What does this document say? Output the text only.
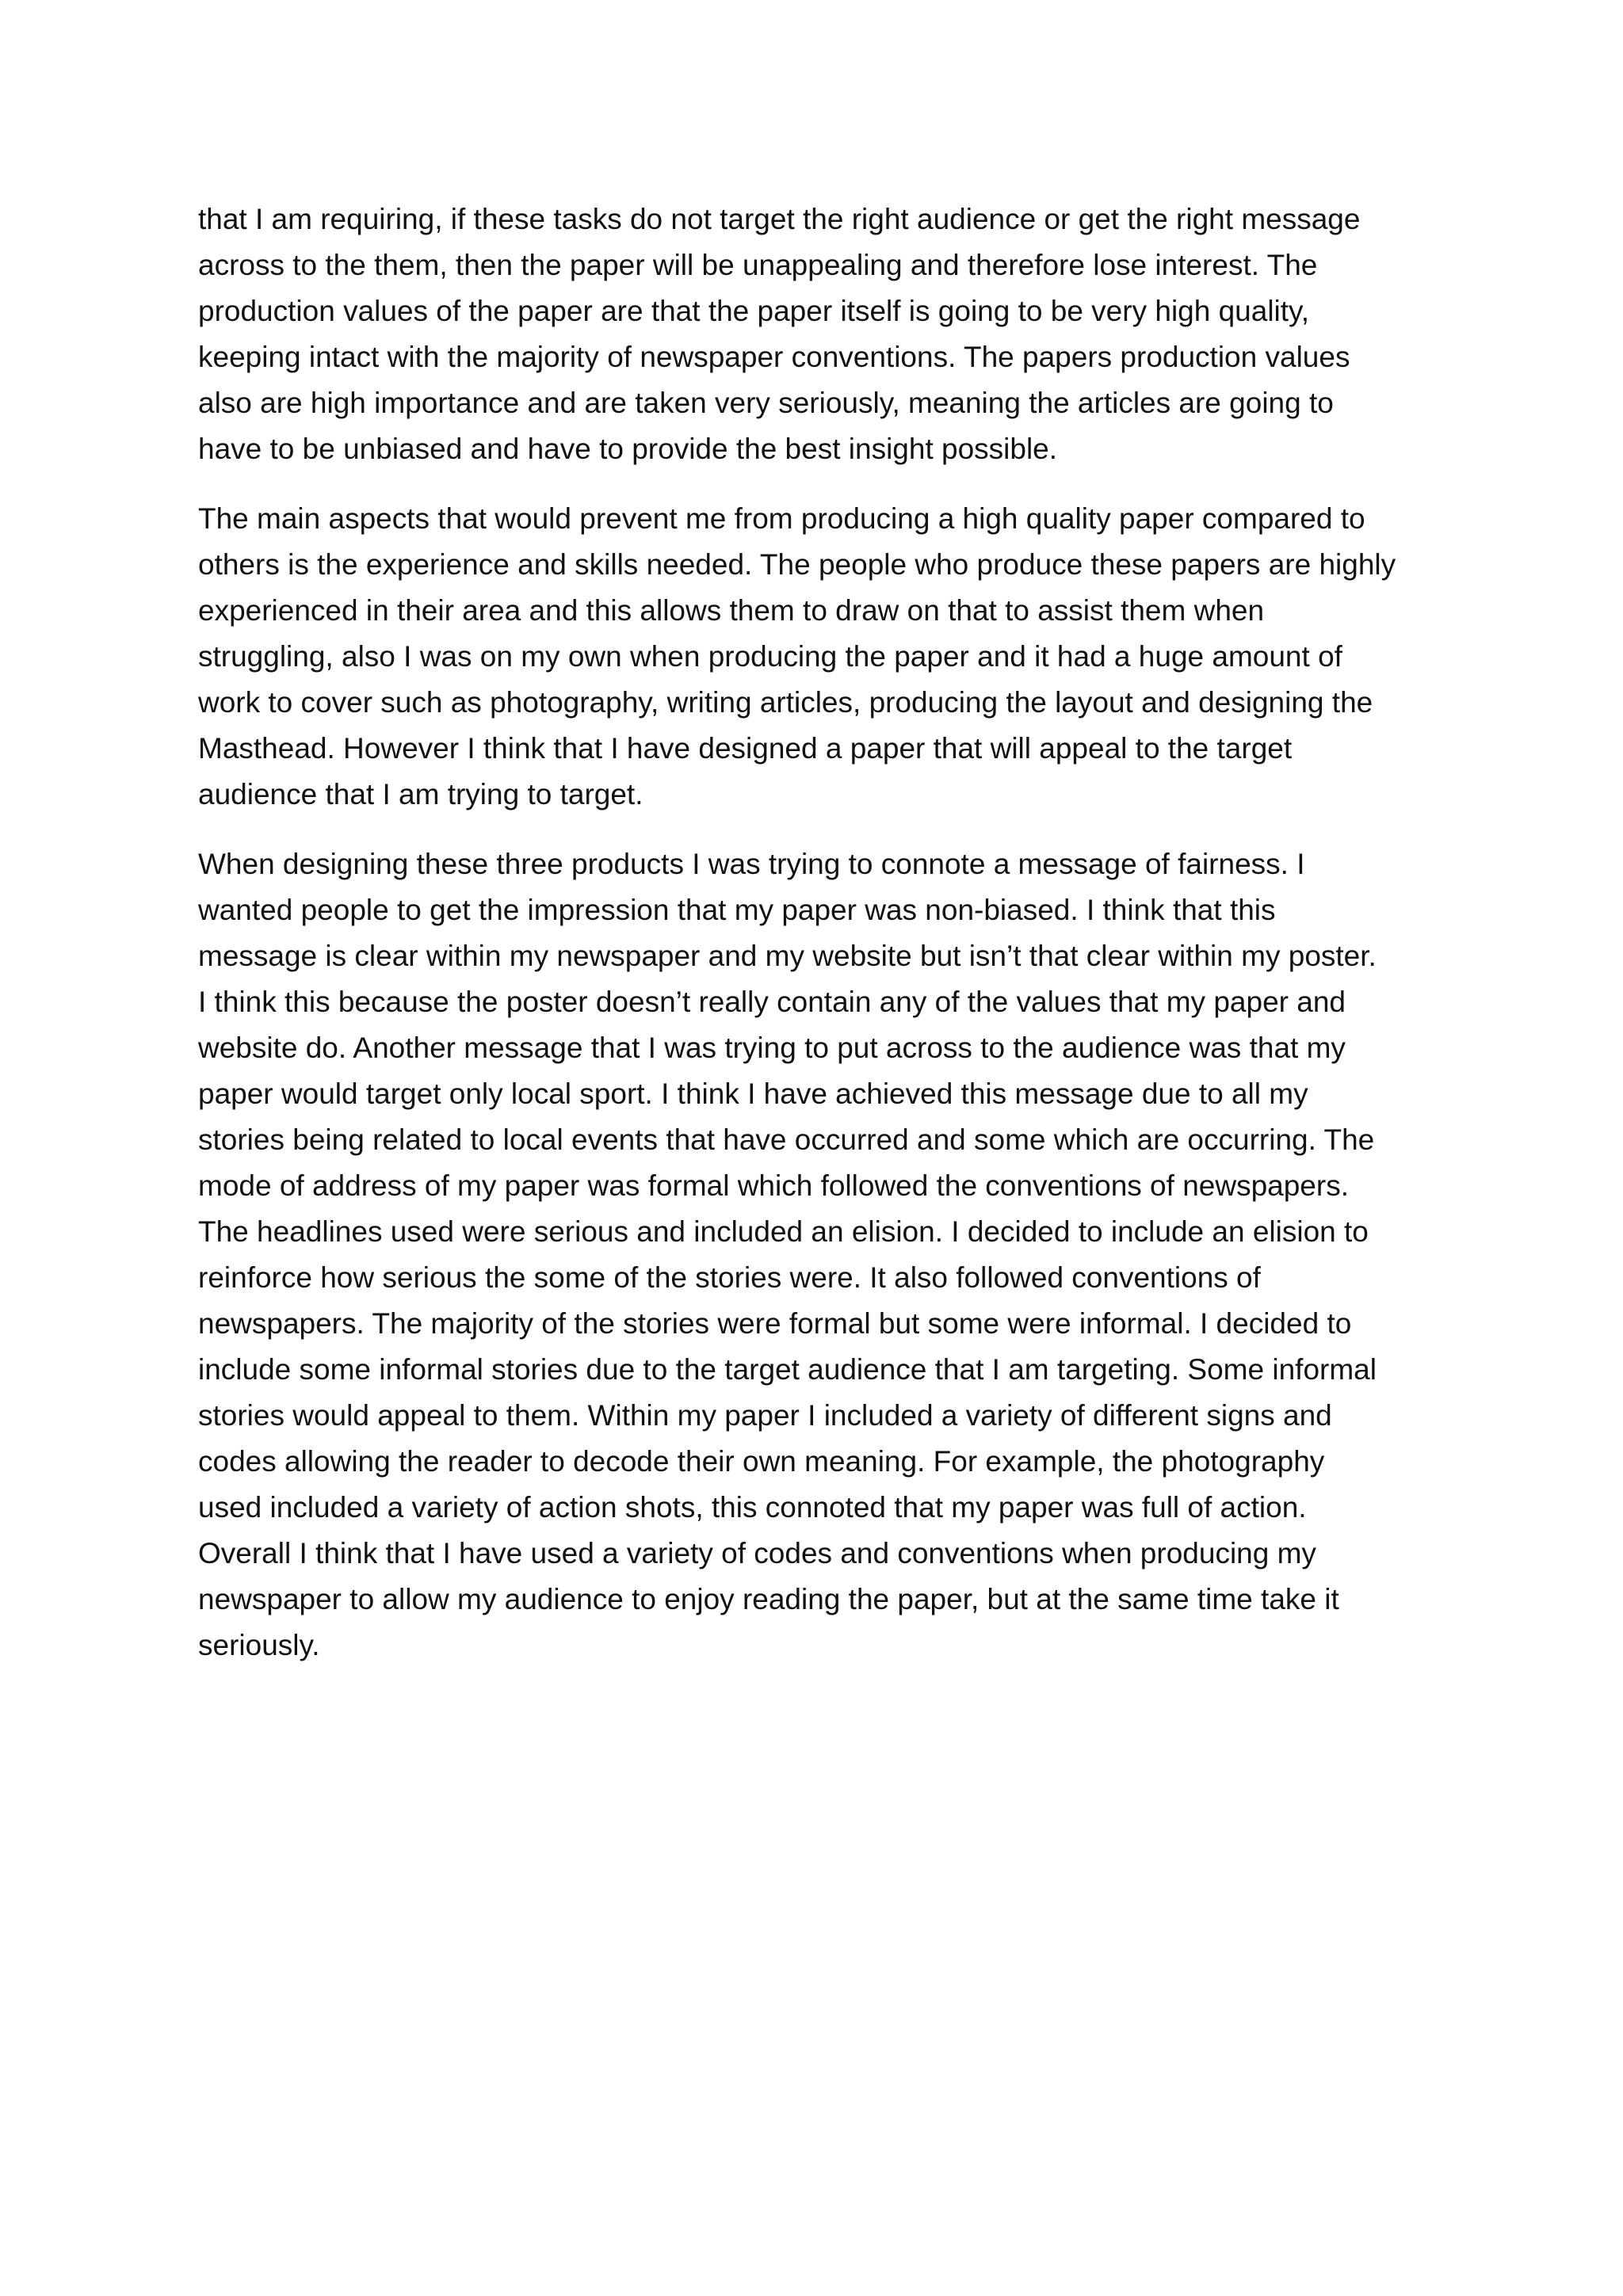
that I am requiring, if these tasks do not target the right audience or get the right message
across to the them, then the paper will be unappealing and therefore lose interest. The
production values of the paper are that the paper itself is going to be very high quality,
keeping intact with the majority of newspaper conventions. The papers production values
also are high importance and are taken very seriously, meaning the articles are going to
have to be unbiased and have to provide the best insight possible.

The main aspects that would prevent me from producing a high quality paper compared to
others is the experience and skills needed. The people who produce these papers are highly
experienced in their area and this allows them to draw on that to assist them when
struggling, also I was on my own when producing the paper and it had a huge amount of
work to cover such as photography, writing articles, producing the layout and designing the
Masthead. However I think that I have designed a paper that will appeal to the target
audience that I am trying to target.

When designing these three products I was trying to connote a message of fairness. I
wanted people to get the impression that my paper was non-biased. I think that this
message is clear within my newspaper and my website but isn’t that clear within my poster.
I think this because the poster doesn’t really contain any of the values that my paper and
website do. Another message that I was trying to put across to the audience was that my
paper would target only local sport. I think I have achieved this message due to all my
stories being related to local events that have occurred and some which are occurring. The
mode of address of my paper was formal which followed the conventions of newspapers.
The headlines used were serious and included an elision. I decided to include an elision to
reinforce how serious the some of the stories were. It also followed conventions of
newspapers. The majority of the stories were formal but some were informal. I decided to
include some informal stories due to the target audience that I am targeting. Some informal
stories would appeal to them. Within my paper I included a variety of different signs and
codes allowing the reader to decode their own meaning. For example, the photography
used included a variety of action shots, this connoted that my paper was full of action.
Overall I think that I have used a variety of codes and conventions when producing my
newspaper to allow my audience to enjoy reading the paper, but at the same time take it
seriously.
